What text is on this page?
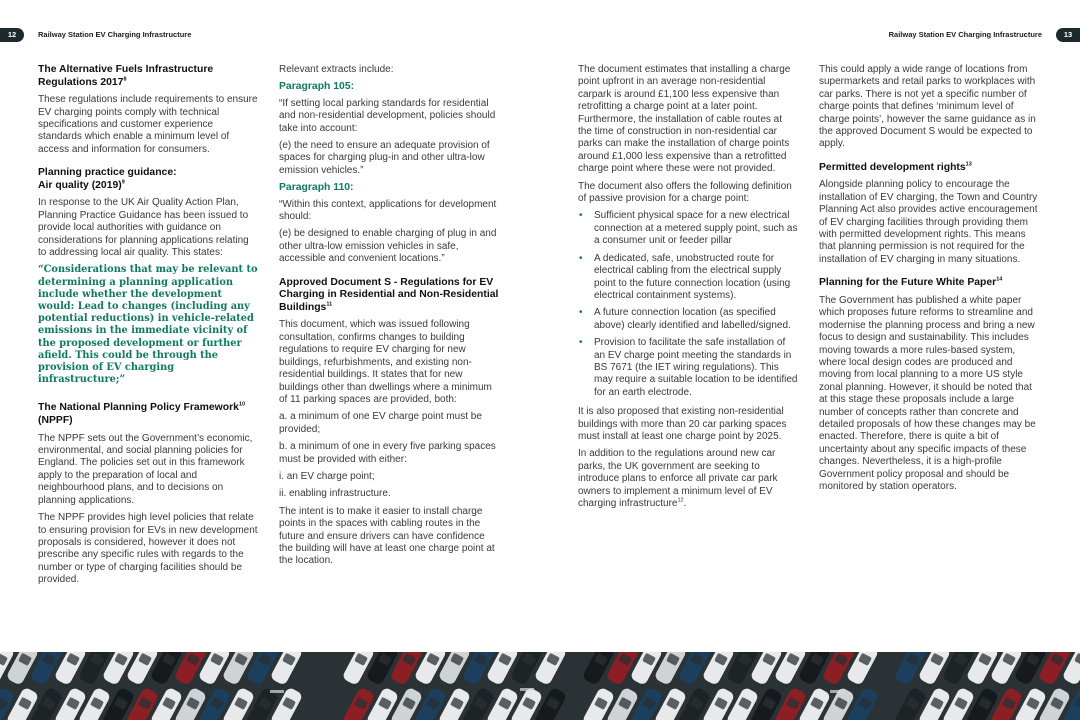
12	Railway Station EV Charging Infrastructure	Railway Station EV Charging Infrastructure	13
The Alternative Fuels Infrastructure Regulations 2017$^8$

These regulations include requirements to ensure EV charging points comply with technical specifications and customer experience standards which enable a minimum level of access and information for consumers.

Planning practice guidance:
Air quality $(2019)^9$

In response to the UK Air Quality Action Plan, Planning Practice Guidance has been issued to provide local authorities with guidance on considerations for planning applications relating to addressing local air quality. This states:

“Considerations that may be relevant to determining a planning application include whether the development would: Lead to changes (including any potential reductions) in vehicle-related emissions in the immediate vicinity of the proposed development or further afield. This could be through the provision of EV charging infrastructure;”
The National Planning Policy Framework$^{10}$
(NPPF)

The NPPF sets out the Government’s economic, environmental, and social planning policies for England. The policies set out in this framework apply to the preparation of local and neighbourhood plans, and to decisions on planning applications.

The NPPF provides high level policies that relate to ensuring provision for EVs in new development proposals is considered, however it does not prescribe any specific rules with regards to the number or type of charging facilities should be provided.

Relevant extracts include:

Paragraph 105:

“If setting local parking standards for residential and non-residential development, policies should take into account:

(e) the need to ensure an adequate provision of spaces for charging plug-in and other ultra-low emission vehicles.”

Paragraph 110:

“Within this context, applications for development should:

(e) be designed to enable charging of plug in and other ultra-low emission vehicles in safe, accessible and convenient locations.”

Approved Document S - Regulations for EV Charging in Residential and Non-Residential Buildings$^{11}$

This document, which was issued following consultation, confirms changes to building regulations to require EV charging for new buildings, refurbishments, and existing non-residential buildings. It states that for new buildings other than dwellings where a minimum of 11 parking spaces are provided, both:

a. a minimum of one EV charge point must be provided;

b. a minimum of one in every five parking spaces must be provided with either:

i. an EV charge point;

ii. enabling infrastructure.

The intent is to make it easier to install charge points in the spaces with cabling routes in the future and ensure drivers can have confidence the building will have at least one charge point at the location.

The document estimates that installing a charge point upfront in an average non-residential carpark is around £1,100 less expensive than retrofitting a charge point at a later point. Furthermore, the installation of cable routes at the time of construction in non-residential car parks can make the installation of charge points around £1,000 less expensive than a retrofitted charge point where these were not provided.

The document also offers the following definition of passive provision for a charge point:

• Sufficient physical space for a new electrical connection at a metered supply point, such as a consumer unit or feeder pillar
• A dedicated, safe, unobstructed route for electrical cabling from the electrical supply point to the future connection location (using electrical containment systems).
• A future connection location (as specified above) clearly identified and labelled/signed.
• Provision to facilitate the safe installation of an EV charge point meeting the standards in BS 7671 (the IET wiring regulations). This may require a suitable location to be identified for an earth electrode.

It is also proposed that existing non-residential buildings with more than 20 car parking spaces must install at least one charge point by 2025.

In addition to the regulations around new car parks, the UK government are seeking to introduce plans to enforce all private car park owners to implement a minimum level of EV charging infrastructure$^{12}$.

This could apply a wide range of locations from supermarkets and retail parks to workplaces with car parks. There is not yet a specific number of charge points that defines ‘minimum level of charge points’, however the same guidance as in the approved Document S would be expected to apply.

Permitted development rights$^{13}$

Alongside planning policy to encourage the installation of EV charging, the Town and Country Planning Act also provides active encouragement of EV charging facilities through providing them with permitted development rights. This means that planning permission is not required for the installation of EV charging in many situations.

Planning for the Future White Paper$^{14}$

The Government has published a white paper which proposes future reforms to streamline and modernise the planning process and bring a new focus to design and sustainability. This includes moving towards a more rules-based system, where local design codes are produced and moving from local planning to a more US style zonal planning. However, it should be noted that at this stage these proposals include a large number of concepts rather than concrete and detailed proposals of how these changes may be enacted. Therefore, there is quite a bit of uncertainty about any specific impacts of these changes. Nevertheless, it is a high-profile Government policy proposal and should be monitored by station operators.
